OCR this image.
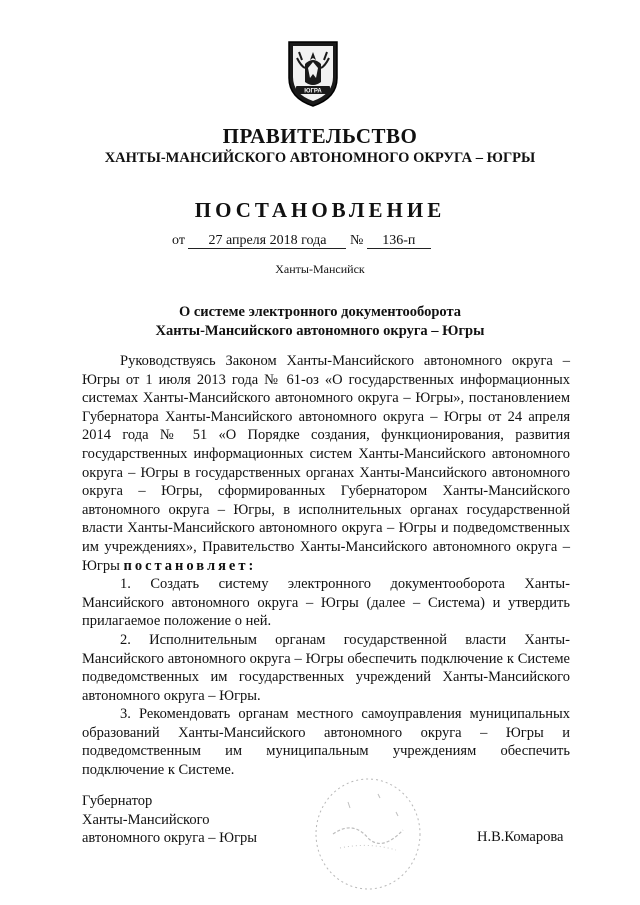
ЮГРА
ПРАВИТЕЛЬСТВО
ХАНТЫ-МАНСИЙСКОГО АВТОНОМНОГО ОКРУГА – ЮГРЫ
ПОСТАНОВЛЕНИЕ
от 27 апреля 2018 года № 136-п
Ханты-Мансийск
О системе электронного документооборота
Ханты-Мансийского автономного округа – Югры

Руководствуясь Законом Ханты-Мансийского автономного округа – Югры от 1 июля 2013 года № 61-оз «О государственных информационных системах Ханты-Мансийского автономного округа – Югры», постановлением Губернатора Ханты-Мансийского автономного округа – Югры от 24 апреля 2014 года № 51 «О Порядке создания, функционирования, развития государственных информационных систем Ханты-Мансийского автономного округа – Югры в государственных органах Ханты-Мансийского автономного округа – Югры, сформированных Губернатором Ханты-Мансийского автономного округа – Югры, в исполнительных органах государственной власти Ханты-Мансийского автономного округа – Югры и подведомственных им учреждениях», Правительство Ханты-Мансийского автономного округа – Югры постановляет:

1. Создать систему электронного документооборота Ханты-Мансийского автономного округа – Югры (далее – Система) и утвердить прилагаемое положение о ней.

2. Исполнительным органам государственной власти Ханты-Мансийского автономного округа – Югры обеспечить подключение к Системе подведомственных им государственных учреждений Ханты-Мансийского автономного округа – Югры.

3. Рекомендовать органам местного самоуправления муниципальных образований Ханты-Мансийского автономного округа – Югры и подведомственным им муниципальным учреждениям обеспечить подключение к Системе.

Губернатор
Ханты-Мансийского
автономного округа – Югры	Н.В.Комарова
